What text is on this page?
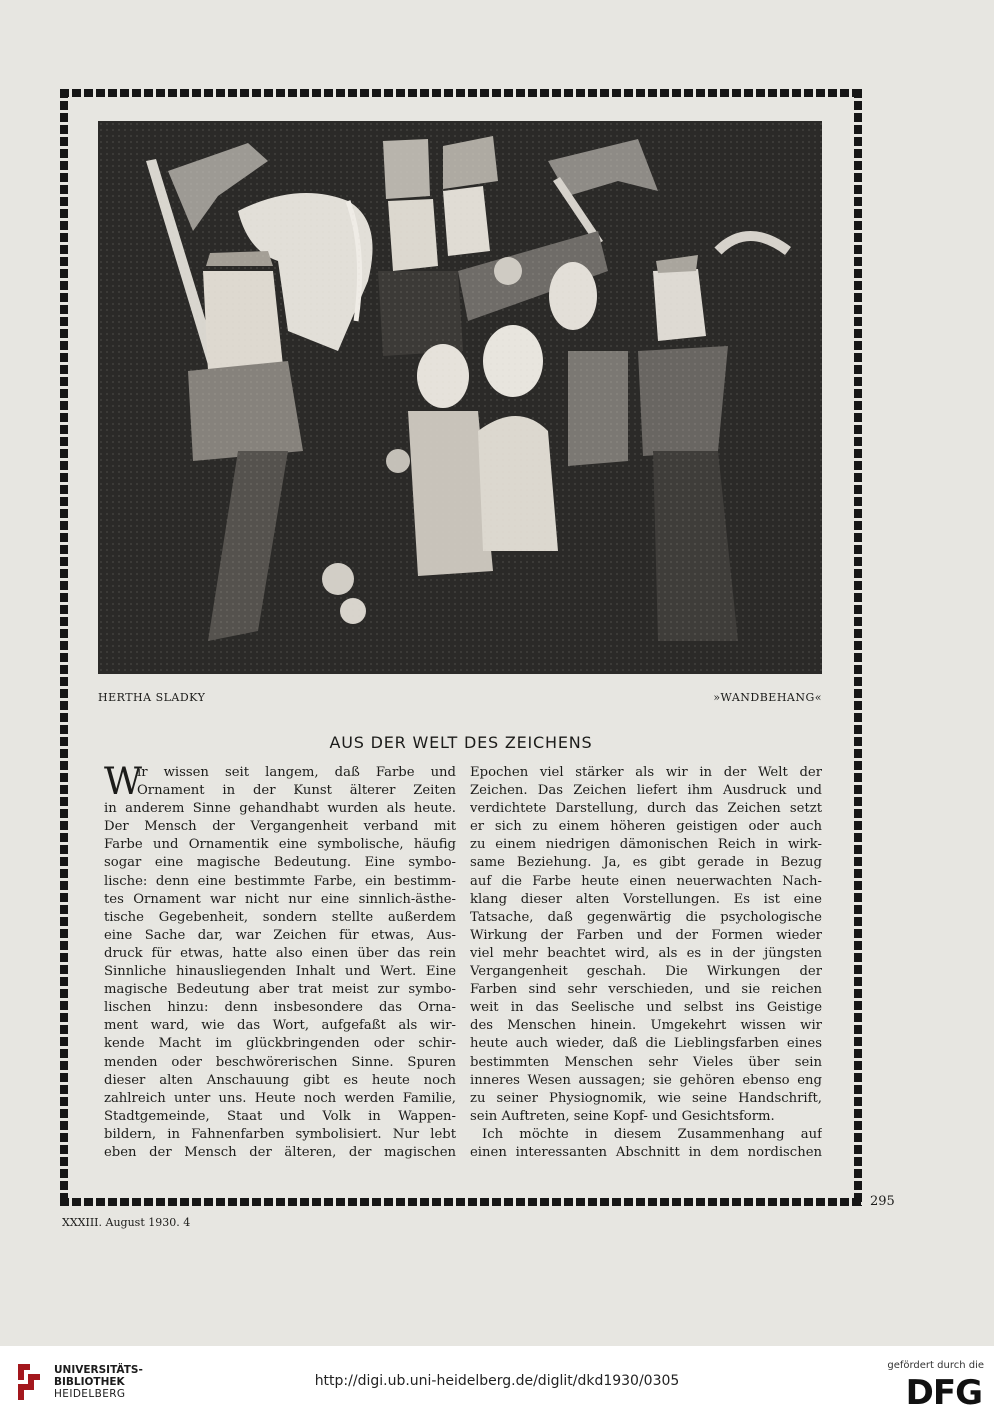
HERTHA SLADKY	»WANDBEHANG«
AUS DER WELT DES ZEICHENS
W
ir wissen seit langem, daß Farbe und
Ornament in der Kunst älterer Zeiten
in anderem Sinne gehandhabt wurden als heute.
Der Mensch der Vergangenheit verband mit
Farbe und Ornamentik eine symbolische, häufig
sogar eine magische Bedeutung. Eine symbo-
lische: denn eine bestimmte Farbe, ein bestimm-
tes Ornament war nicht nur eine sinnlich-ästhe-
tische Gegebenheit, sondern stellte außerdem
eine Sache dar, war Zeichen für etwas, Aus-
druck für etwas, hatte also einen über das rein
Sinnliche hinausliegenden Inhalt und Wert. Eine
magische Bedeutung aber trat meist zur symbo-
lischen hinzu: denn insbesondere das Orna-
ment ward, wie das Wort, aufgefaßt als wir-
kende Macht im glückbringenden oder schir-
menden oder beschwörerischen Sinne. Spuren
dieser alten Anschauung gibt es heute noch
zahlreich unter uns. Heute noch werden Familie,
Stadtgemeinde, Staat und Volk in Wappen-
bildern, in Fahnenfarben symbolisiert. Nur lebt
eben der Mensch der älteren, der magischen
Epochen viel stärker als wir in der Welt der
Zeichen. Das Zeichen liefert ihm Ausdruck und
verdichtete Darstellung, durch das Zeichen setzt
er sich zu einem höheren geistigen oder auch
zu einem niedrigen dämonischen Reich in wirk-
same Beziehung. Ja, es gibt gerade in Bezug
auf die Farbe heute einen neuerwachten Nach-
klang dieser alten Vorstellungen. Es ist eine
Tatsache, daß gegenwärtig die psychologische
Wirkung der Farben und der Formen wieder
viel mehr beachtet wird, als es in der jüngsten
Vergangenheit geschah. Die Wirkungen der
Farben sind sehr verschieden, und sie reichen
weit in das Seelische und selbst ins Geistige
des Menschen hinein. Umgekehrt wissen wir
heute auch wieder, daß die Lieblingsfarben eines
bestimmten Menschen sehr Vieles über sein
inneres Wesen aussagen; sie gehören ebenso eng
zu seiner Physiognomik, wie seine Handschrift,
sein Auftreten, seine Kopf- und Gesichtsform.
Ich möchte in diesem Zusammenhang auf
einen interessanten Abschnitt in dem nordischen
295
XXXIII. August 1930. 4
UNIVERSITÄTS-
BIBLIOTHEK
HEIDELBERG
http://digi.ub.uni-heidelberg.de/diglit/dkd1930/0305
gefördert durch die
DFG
